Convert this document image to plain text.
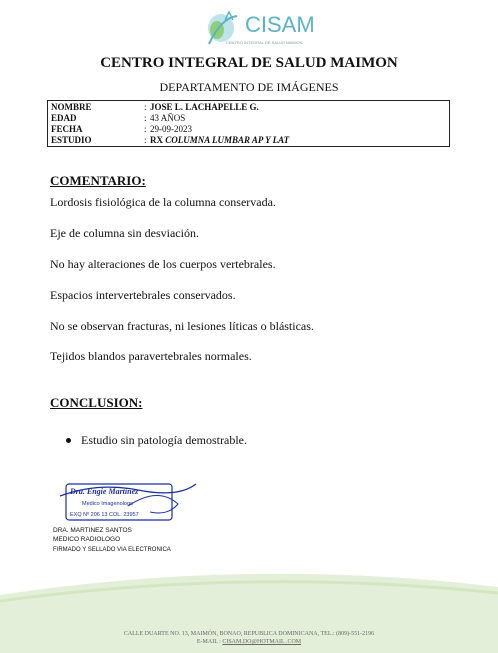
CISAM
CENTRO INTEGRAL DE SALUD MAIMON
CENTRO INTEGRAL DE SALUD MAIMON
DEPARTAMENTO DE IMÁGENES
NOMBRE	: JOSE L. LACHAPELLE G.
EDAD	: 43 AÑOS
FECHA	: 29-09-2023
ESTUDIO	: RX COLUMNA LUMBAR AP Y LAT
COMENTARIO:
Lordosis fisiológica de la columna conservada.
Eje de columna sin desviación.
No hay alteraciones de los cuerpos vertebrales.
Espacios intervertebrales conservados.
No se observan fracturas, ni lesiones líticas o blásticas.
Tejidos blandos paravertebrales normales.
CONCLUSION:
Estudio sin patología demostrable.
Dra. Engie Martinez
Medico Imagenologo
EXQ Nº 206 13 COL. 23957
DRA. MARTINEZ SANTOS
MEDICO RADIOLOGO
FIRMADO Y SELLADO VIA ELECTRONICA
CALLE DUARTE NO. 13, MAIMÓN, BONAO, REPUBLICA DOMINICANA, TEL.: (809)-551-2196
E-MAIL : CISAM.DO@HOTMAIL .COM
